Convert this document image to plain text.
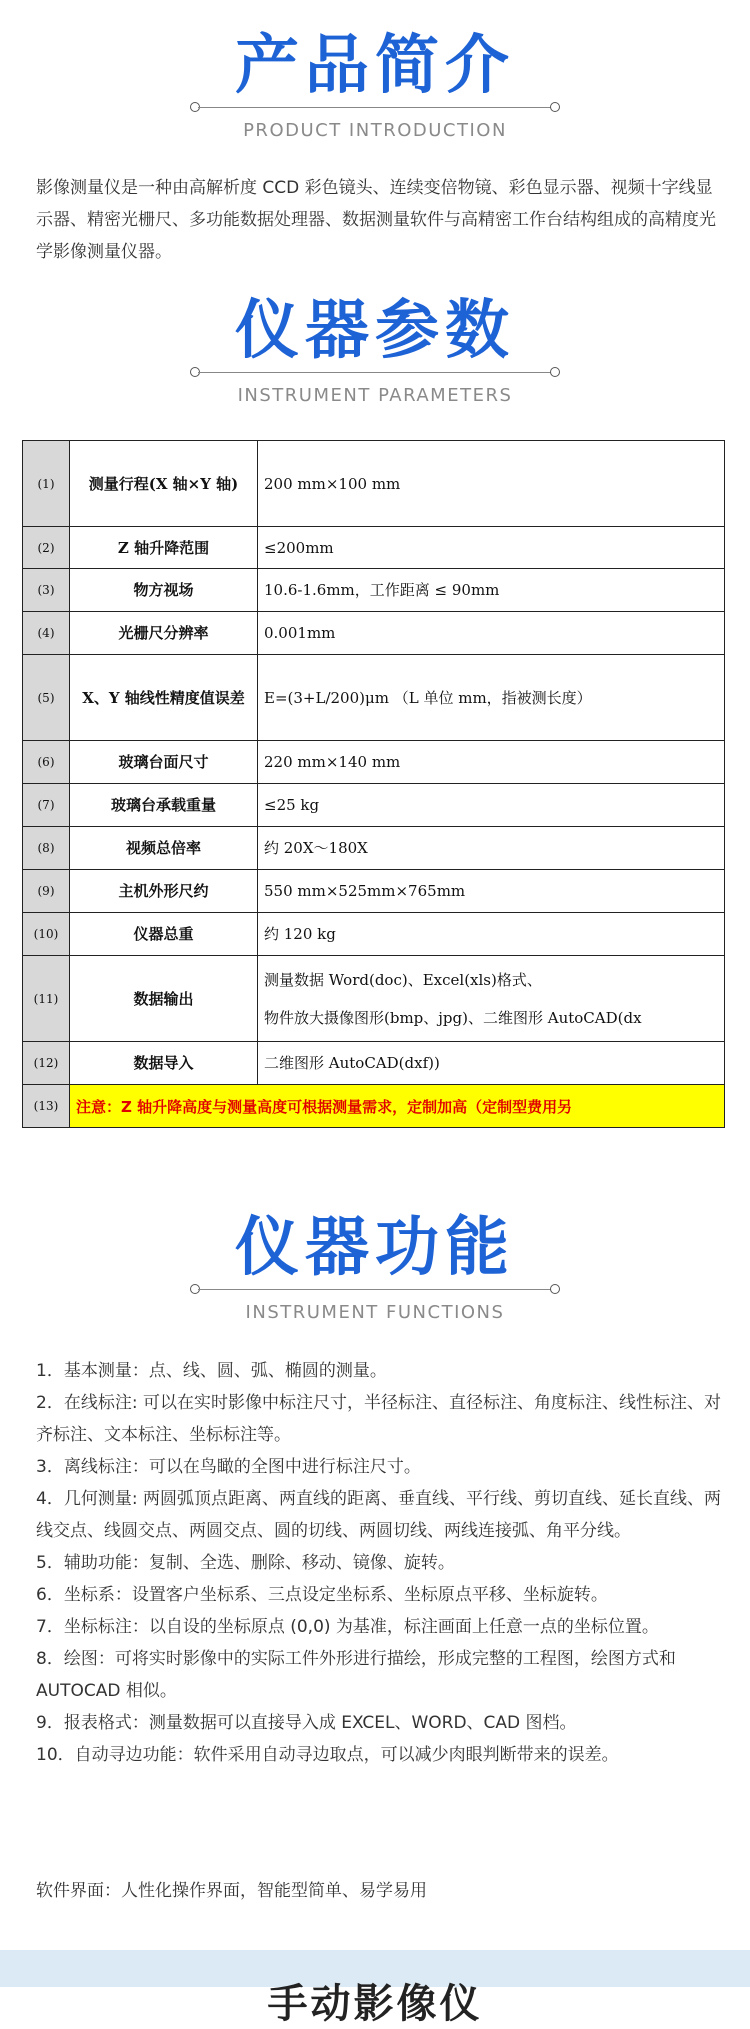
产品简介
PRODUCT INTRODUCTION
影像测量仪是一种由高解析度 CCD 彩色镜头、连续变倍物镜、彩色显示器、视频十字线显示器、精密光栅尺、多功能数据处理器、数据测量软件与高精密工作台结构组成的高精度光学影像测量仪器。
仪器参数
INSTRUMENT PARAMETERS
(1)	测量行程(X 轴×Y 轴)	200 mm×100 mm
(2)	Z 轴升降范围	≤200mm
(3)	物方视场	10.6-1.6mm，工作距离 ≤ 90mm
(4)	光栅尺分辨率	0.001mm
(5)	X、Y 轴线性精度值误差	E=(3+L/200)μm （L 单位 mm，指被测长度）
(6)	玻璃台面尺寸	220 mm×140 mm
(7)	玻璃台承载重量	≤25 kg
(8)	视频总倍率	约 20X～180X
(9)	主机外形尺约	550 mm×525mm×765mm
(10)	仪器总重	约 120 kg
(11)	数据输出	测量数据 Word(doc)、Excel(xls)格式、
物件放大摄像图形(bmp、jpg)、二维图形 AutoCAD(dx

(12)	数据导入	二维图形 AutoCAD(dxf))
(13)	注意：Z 轴升降高度与测量高度可根据测量需求，定制加高（定制型费用另	
仪器功能
INSTRUMENT FUNCTIONS

1．基本测量：点、线、圆、弧、椭圆的测量。

2．在线标注: 可以在实时影像中标注尺寸，半径标注、直径标注、角度标注、线性标注、对齐标注、文本标注、坐标标注等。

3．离线标注：可以在鸟瞰的全图中进行标注尺寸。

4．几何测量: 两圆弧顶点距离、两直线的距离、垂直线、平行线、剪切直线、延长直线、两线交点、线圆交点、两圆交点、圆的切线、两圆切线、两线连接弧、角平分线。

5．辅助功能：复制、全选、删除、移动、镜像、旋转。

6．坐标系：设置客户坐标系、三点设定坐标系、坐标原点平移、坐标旋转。

7．坐标标注：以自设的坐标原点 (0,0) 为基准，标注画面上任意一点的坐标位置。

8．绘图：可将实时影像中的实际工件外形进行描绘，形成完整的工程图，绘图方式和 AUTOCAD 相似。

9．报表格式：测量数据可以直接导入成 EXCEL、WORD、CAD 图档。

10．自动寻边功能：软件采用自动寻边取点，可以减少肉眼判断带来的误差。

软件界面：人性化操作界面，智能型简单、易学易用
手动影像仪
